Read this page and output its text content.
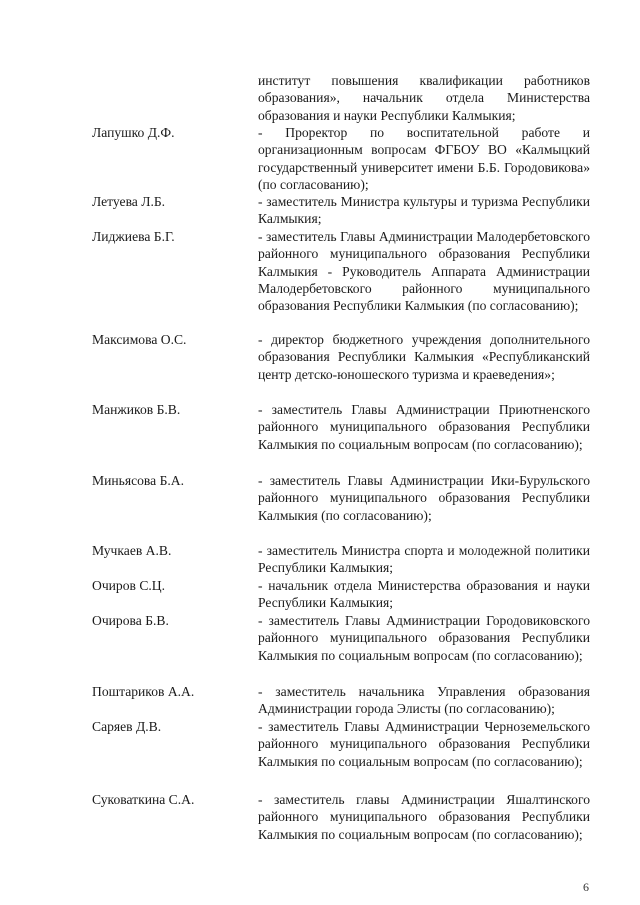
институт повышения квалификации работников образования», начальник отдела Министерства образования и науки Республики Калмыкия;
Лапушко Д.Ф.	- Проректор по воспитательной работе и организационным вопросам ФГБОУ ВО «Калмыцкий государственный университет имени Б.Б. Городовикова» (по согласованию);
Летуева Л.Б.	- заместитель Министра культуры и туризма Республики Калмыкия;
Лиджиева Б.Г.	- заместитель Главы Администрации Малодербетовского районного муниципального образования Республики Калмыкия - Руководитель Аппарата Администрации Малодербетовского районного муниципального образования Республики Калмыкия (по согласованию);
Максимова О.С.	- директор бюджетного учреждения дополнительного образования Республики Калмыкия «Республиканский центр детско-юношеского туризма и краеведения»;
Манжиков Б.В.	- заместитель Главы Администрации Приютненского районного муниципального образования Республики Калмыкия по социальным вопросам (по согласованию);
Миньясова Б.А.	- заместитель Главы Администрации Ики-Бурульского районного муниципального образования Республики Калмыкия (по согласованию);
Мучкаев А.В.	- заместитель Министра спорта и молодежной политики Республики Калмыкия;
Очиров С.Ц.	- начальник отдела Министерства образования и науки Республики Калмыкия;
Очирова Б.В.	- заместитель Главы Администрации Городовиковского районного муниципального образования Республики Калмыкия по социальным вопросам (по согласованию);
Поштариков А.А.	- заместитель начальника Управления образования Администрации города Элисты (по согласованию);
Саряев Д.В.	- заместитель Главы Администрации Черноземельского районного муниципального образования Республики Калмыкия по социальным вопросам (по согласованию);
Суковаткина С.А.	- заместитель главы Администрации Яшалтинского районного муниципального образования Республики Калмыкия по социальным вопросам (по согласованию);
6
